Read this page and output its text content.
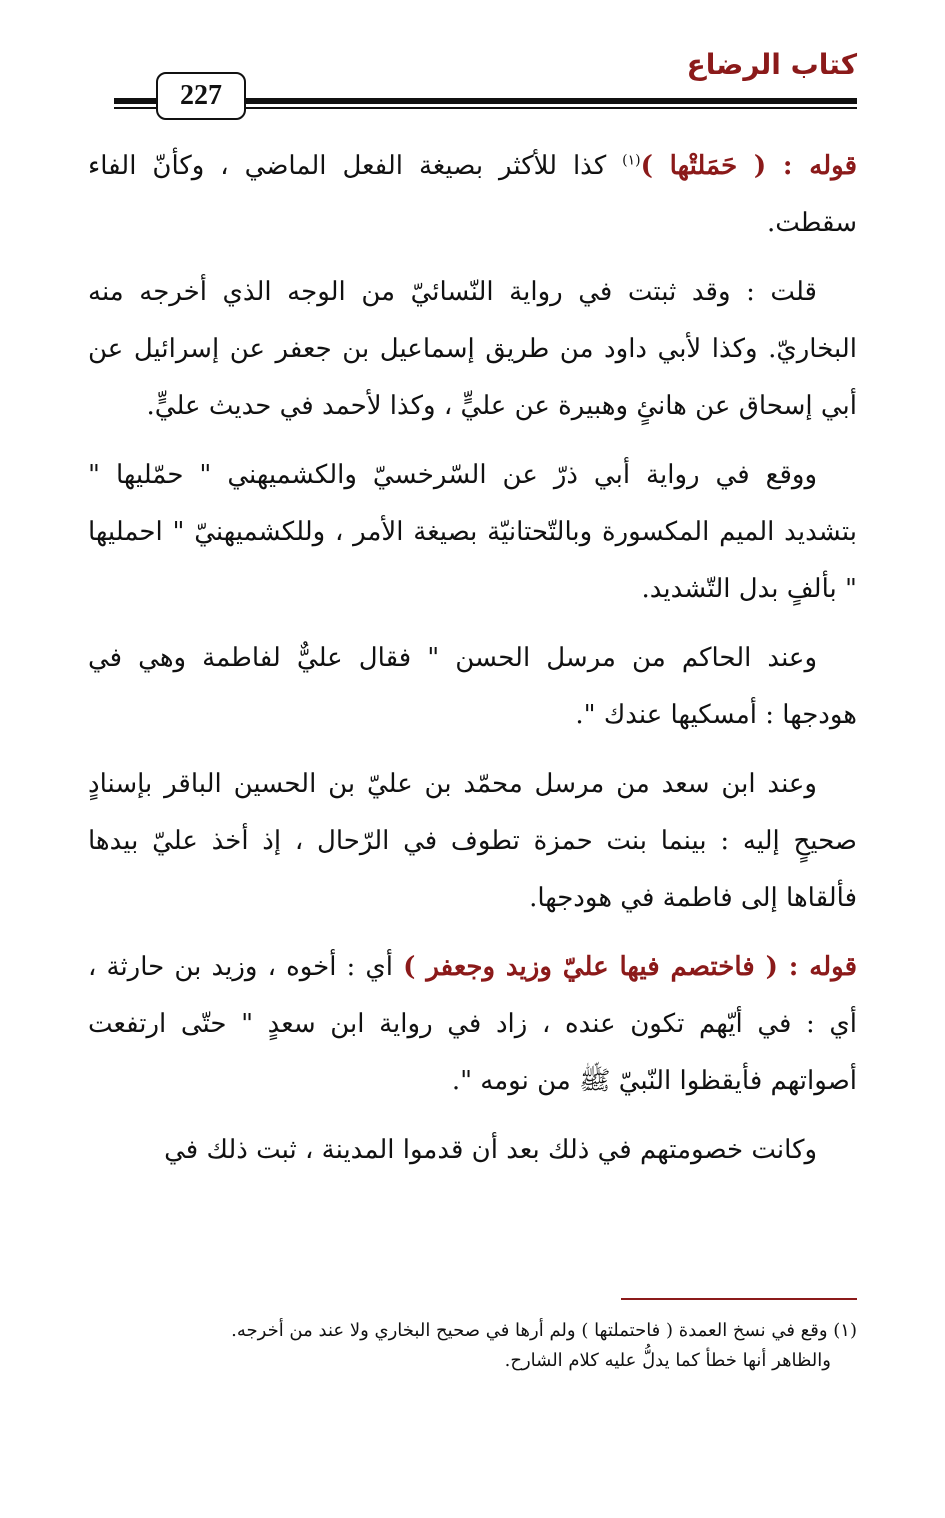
كتاب الرضاع
227

قوله : ( حَمَلتْها )$^{(١)}$ كذا للأكثر بصيغة الفعل الماضي ، وكأنّ الفاء سقطت.

قلت : وقد ثبتت في رواية النّسائيّ من الوجه الذي أخرجه منه البخاريّ. وكذا لأبي داود من طريق إسماعيل بن جعفر عن إسرائيل عن أبي إسحاق عن هانئٍ وهبيرة عن عليٍّ ، وكذا لأحمد في حديث عليٍّ.

ووقع في رواية أبي ذرّ عن السّرخسيّ والكشميهني " حمّليها " بتشديد الميم المكسورة وبالتّحتانيّة بصيغة الأمر ، وللكشميهنيّ " احمليها " بألفٍ بدل التّشديد.

وعند الحاكم من مرسل الحسن " فقال عليٌّ لفاطمة وهي في هودجها : أمسكيها عندك ".

وعند ابن سعد من مرسل محمّد بن عليّ بن الحسين الباقر بإسنادٍ صحيحٍ إليه : بينما بنت حمزة تطوف في الرّحال ، إذ أخذ عليّ بيدها فألقاها إلى فاطمة في هودجها.

قوله : ( فاختصم فيها عليّ وزيد وجعفر ) أي : أخوه ، وزيد بن حارثة ، أي : في أيّهم تكون عنده ، زاد في رواية ابن سعدٍ " حتّى ارتفعت أصواتهم فأيقظوا النّبيّ ﷺ من نومه ".

وكانت خصومتهم في ذلك بعد أن قدموا المدينة ، ثبت ذلك في

(١) وقع في نسخ العمدة ( فاحتملتها ) ولم أرها في صحيح البخاري ولا عند من أخرجه.

والظاهر أنها خطأ كما يدلُّ عليه كلام الشارح.
